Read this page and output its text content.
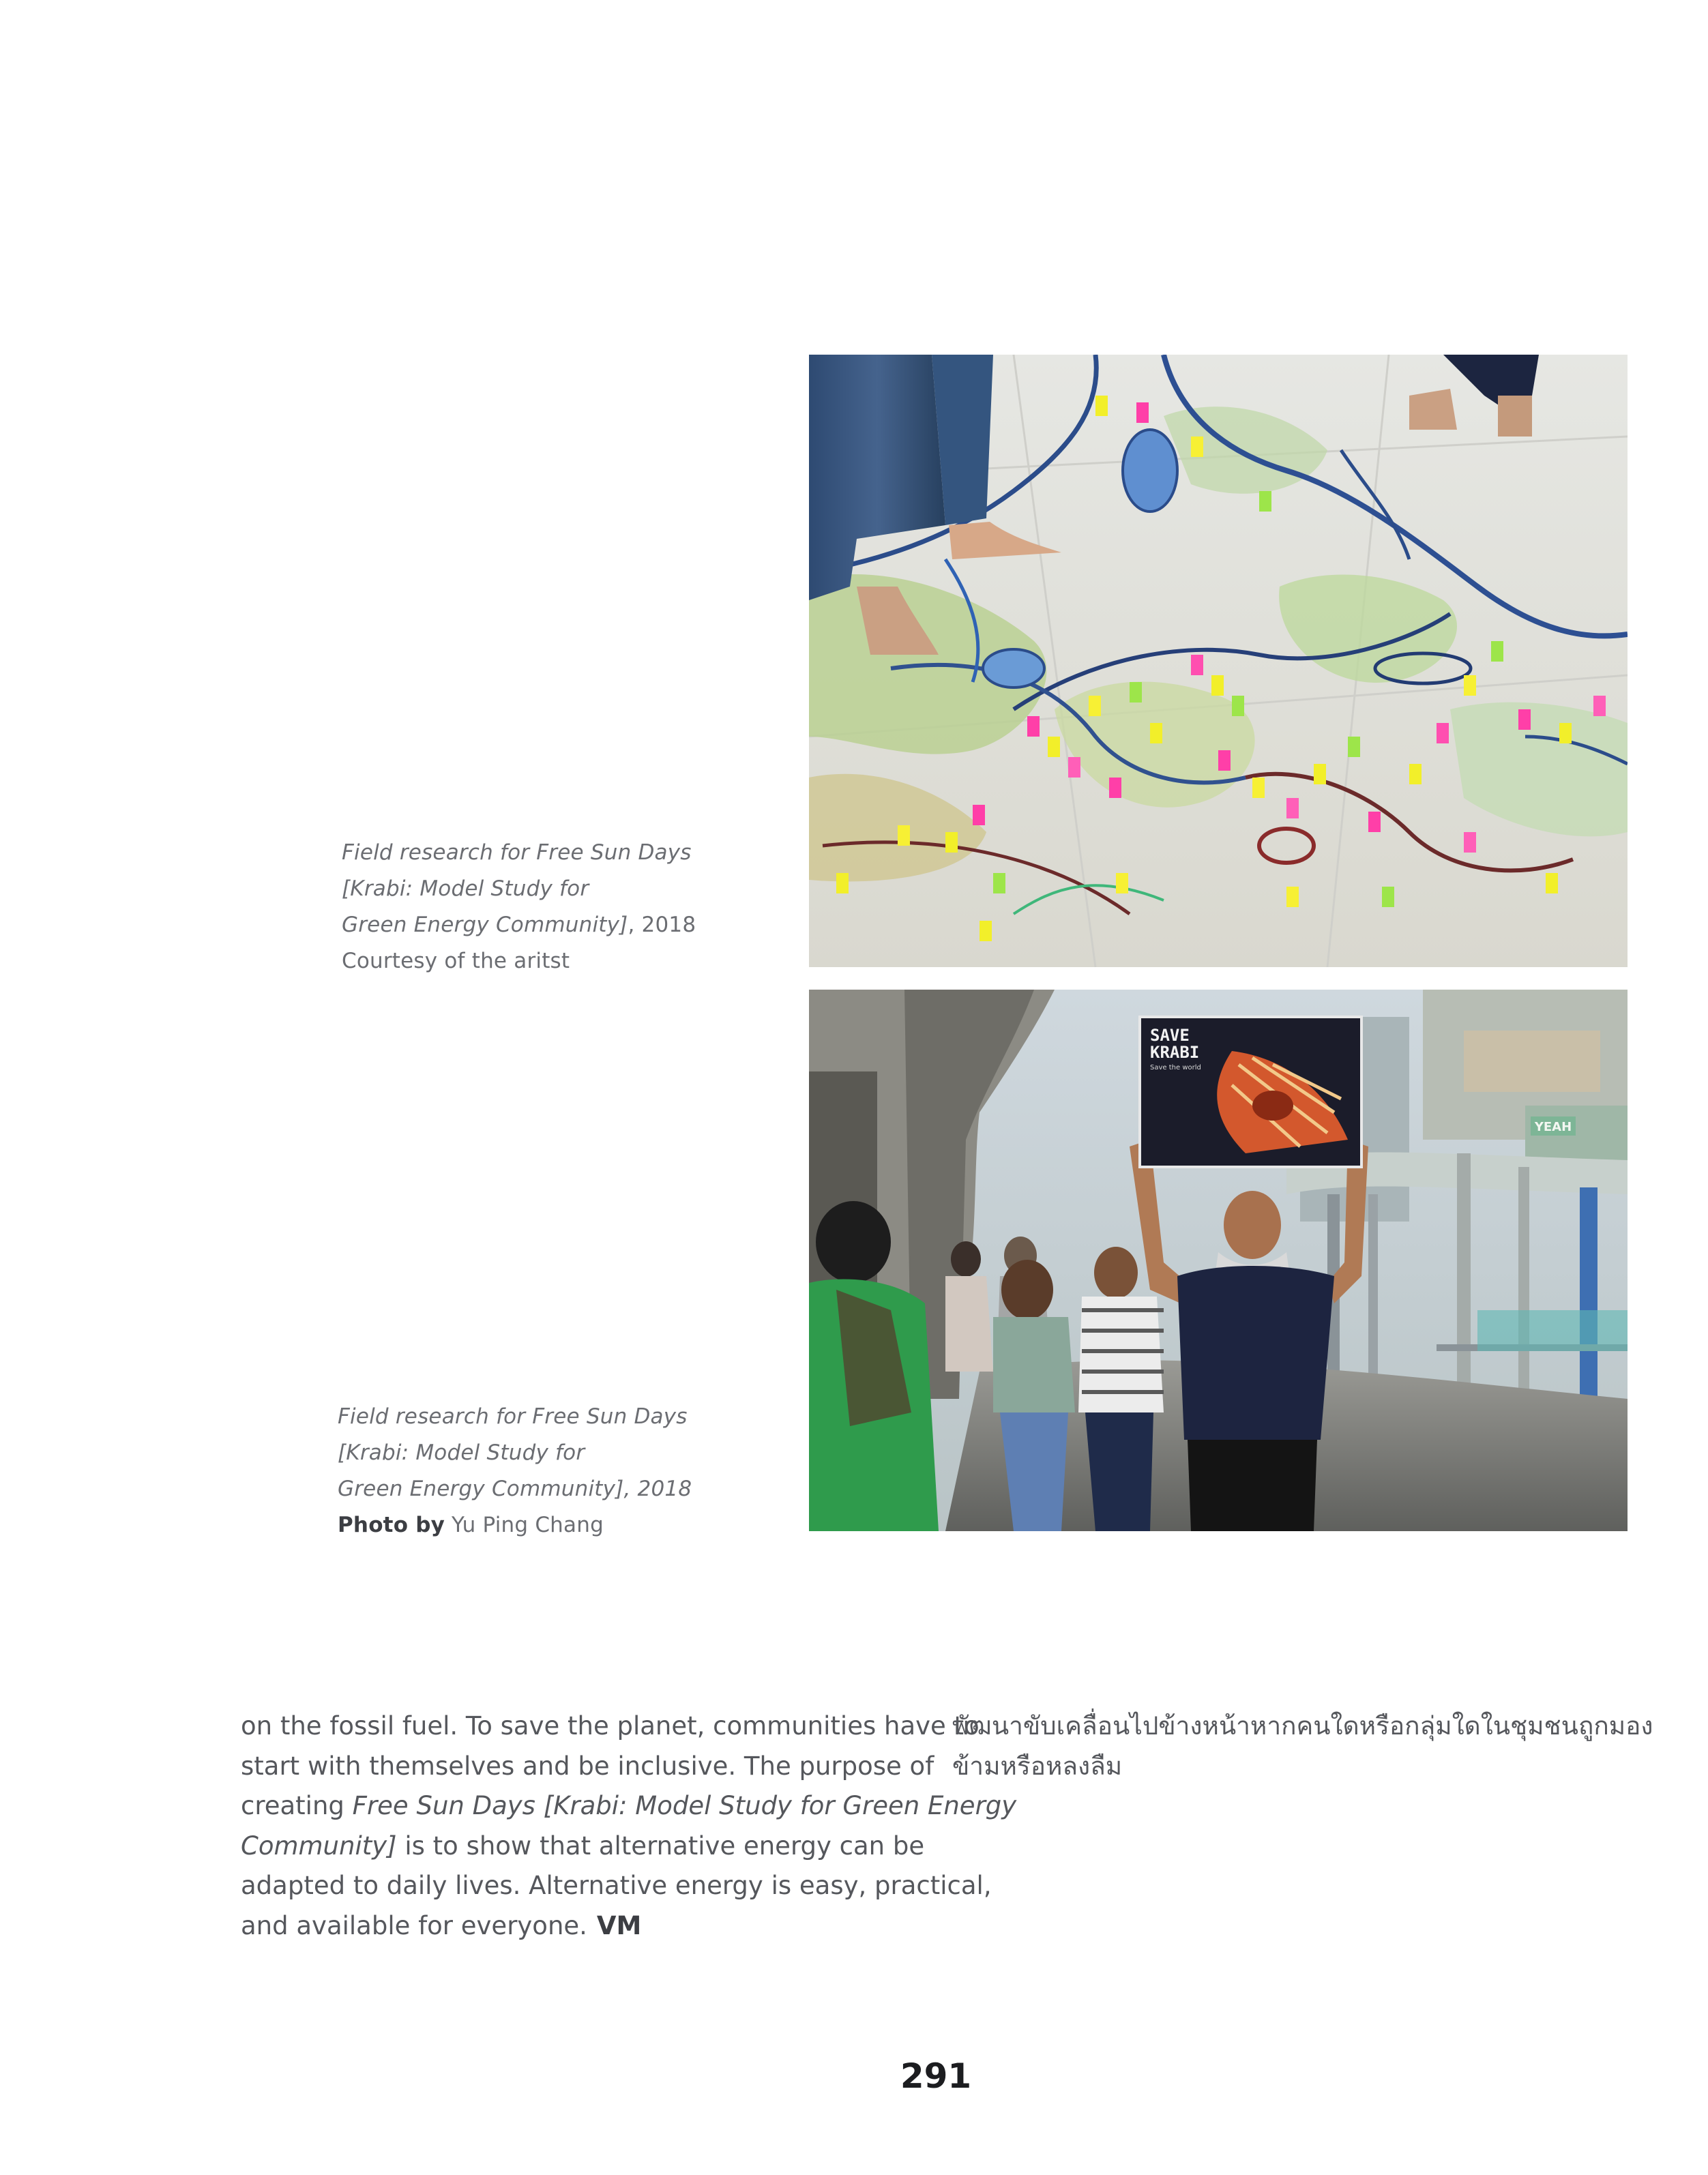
YEAH
SAVE
KRABI
Save the world
Field research for Free Sun Days
[Krabi: Model Study for
Green Energy Community], 2018
Courtesy of the aritst
Field research for Free Sun Days
[Krabi: Model Study for
Green Energy Community], 2018
Photo by Yu Ping Chang
on the fossil fuel. To save the planet, communities have to
start with themselves and be inclusive. The purpose of
creating Free Sun Days [Krabi: Model Study for Green Energy
Community] is to show that alternative energy can be
adapted to daily lives. Alternative energy is easy, practical,
and available for everyone. VM
พัฒนาขับเคลื่อนไปข้างหน้าหากคนใดหรือกลุ่มใดในชุมชนถูกมอง
ข้ามหรือหลงลืม
291
